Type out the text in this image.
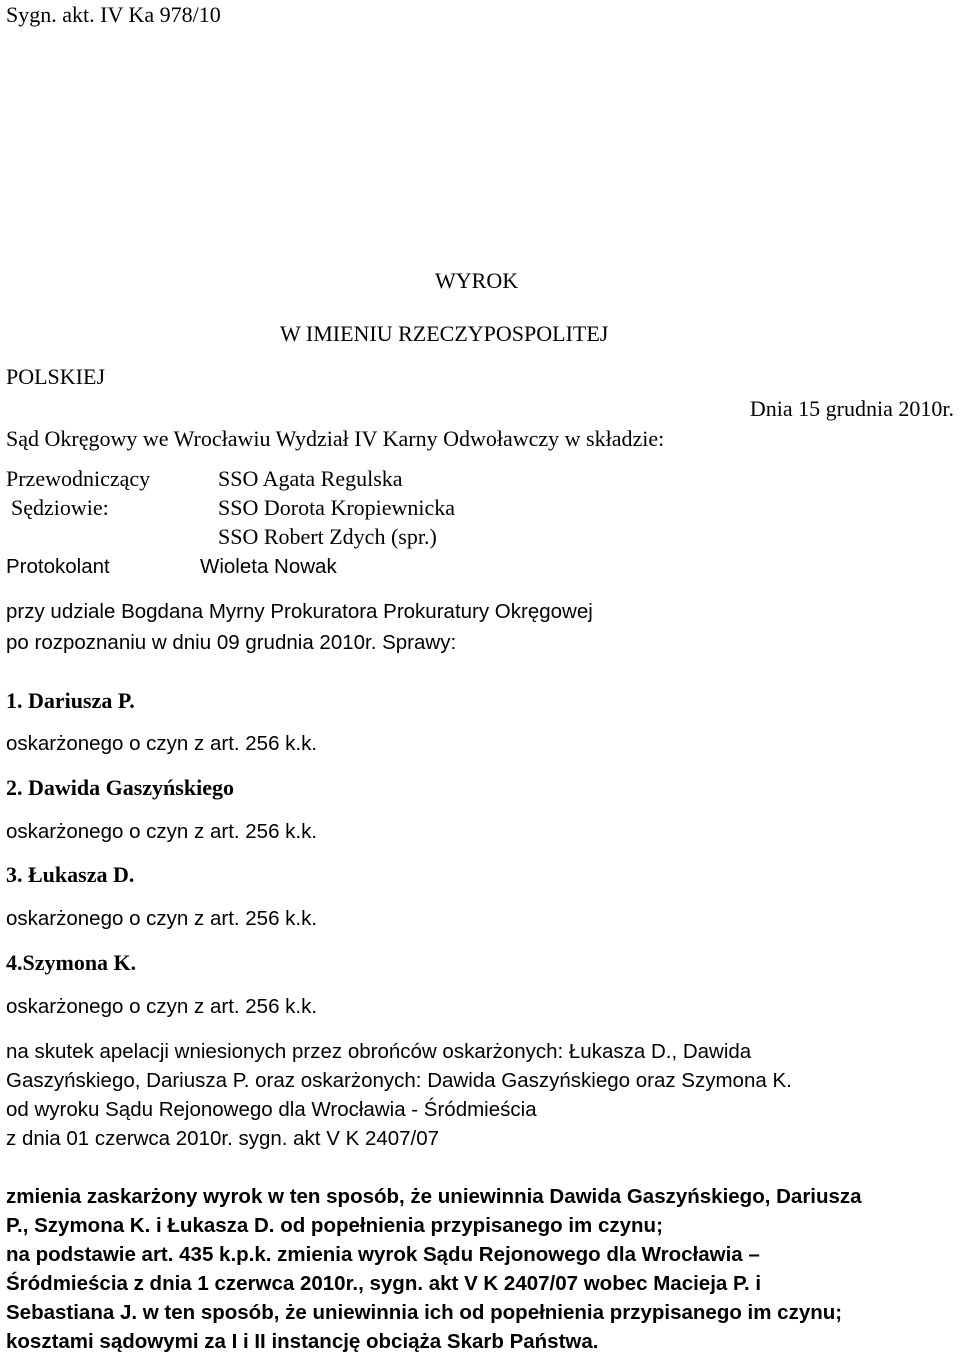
Sygn. akt. IV Ka 978/10
WYROK
W IMIENIU RZECZYPOSPOLITEJ
POLSKIEJ
Dnia 15 grudnia 2010r.
Sąd Okręgowy we Wrocławiu Wydział IV Karny Odwoławczy w składzie:
Przewodniczący	SSO Agata Regulska
Sędziowie:	SSO Dorota Kropiewnicka
SSO Robert Zdych (spr.)
Protokolant	Wioleta Nowak
przy udziale Bogdana Myrny Prokuratora Prokuratury Okręgowej
po rozpoznaniu w dniu 09 grudnia 2010r. Sprawy:
1. Dariusza P.
oskarżonego o czyn z art. 256 k.k.
2. Dawida Gaszyńskiego
oskarżonego o czyn z art. 256 k.k.
3. Łukasza D.
oskarżonego o czyn z art. 256 k.k.
4.Szymona K.
oskarżonego o czyn z art. 256 k.k.
na skutek apelacji wniesionych przez obrońców oskarżonych: Łukasza D., Dawida
Gaszyńskiego, Dariusza P. oraz oskarżonych: Dawida Gaszyńskiego oraz Szymona K.
od wyroku Sądu Rejonowego dla Wrocławia - Śródmieścia
z dnia 01 czerwca 2010r. sygn. akt V K 2407/07
zmienia zaskarżony wyrok w ten sposób, że uniewinnia Dawida Gaszyńskiego, Dariusza
P., Szymona K. i Łukasza D. od popełnienia przypisanego im czynu;
na podstawie art. 435 k.p.k. zmienia wyrok Sądu Rejonowego dla Wrocławia –
Śródmieścia z dnia 1 czerwca 2010r., sygn. akt V K 2407/07 wobec Macieja P. i
Sebastiana J. w ten sposób, że uniewinnia ich od popełnienia przypisanego im czynu;
kosztami sądowymi za I i II instancję obciąża Skarb Państwa.
